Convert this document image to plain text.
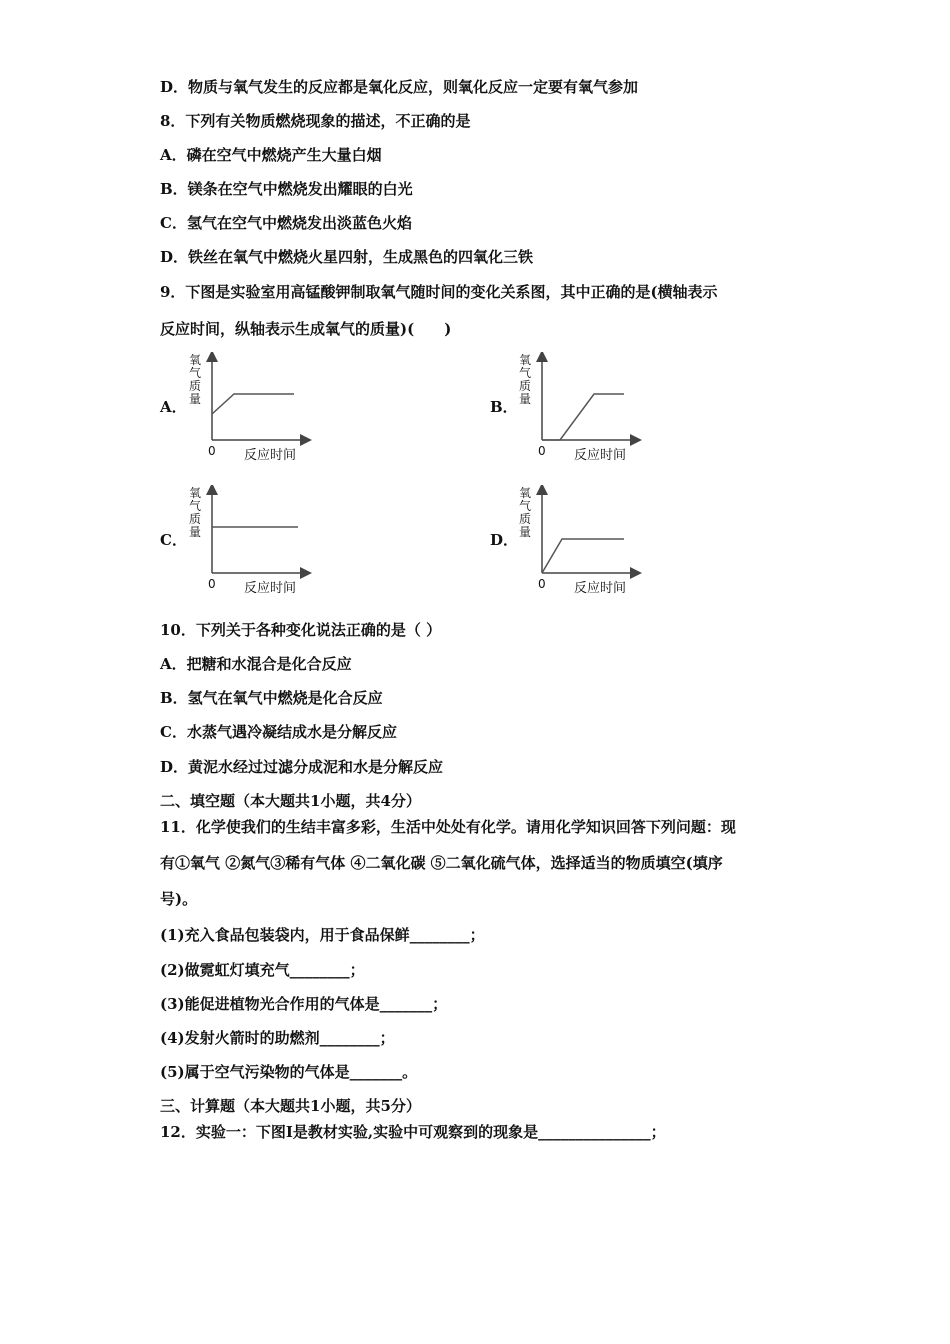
D．物质与氧气发生的反应都是氧化反应，则氧化反应一定要有氧气参加
8．下列有关物质燃烧现象的描述，不正确的是
A．磷在空气中燃烧产生大量白烟
B．镁条在空气中燃烧发出耀眼的白光
C．氢气在空气中燃烧发出淡蓝色火焰
D．铁丝在氧气中燃烧火星四射，生成黑色的四氧化三铁
9．下图是实验室用高锰酸钾制取氧气随时间的变化关系图，其中正确的是(横轴表示
反应时间，纵轴表示生成氧气的质量)(　　)
A．
氧气质量
0 反应时间
B．
氧气质量
0 反应时间
C．
氧气质量
0 反应时间
D．
氧气质量
0 反应时间
10．下列关于各种变化说法正确的是（ ）
A．把糖和水混合是化合反应
B．氢气在氧气中燃烧是化合反应
C．水蒸气遇冷凝结成水是分解反应
D．黄泥水经过过滤分成泥和水是分解反应
二、填空题（本大题共1小题，共4分）
11．化学使我们的生结丰富多彩，生活中处处有化学。请用化学知识回答下列问题：现
有①氧气 ②氮气③稀有气体 ④二氧化碳 ⑤二氧化硫气体，选择适当的物质填空(填序
号)。
(1)充入食品包装袋内，用于食品保鲜________；
(2)做霓虹灯填充气________；
(3)能促进植物光合作用的气体是_______；
(4)发射火箭时的助燃剂________；
(5)属于空气污染物的气体是_______。
三、计算题（本大题共1小题，共5分）
12．实验一：下图Ⅰ是教材实验,实验中可观察到的现象是_______________；
